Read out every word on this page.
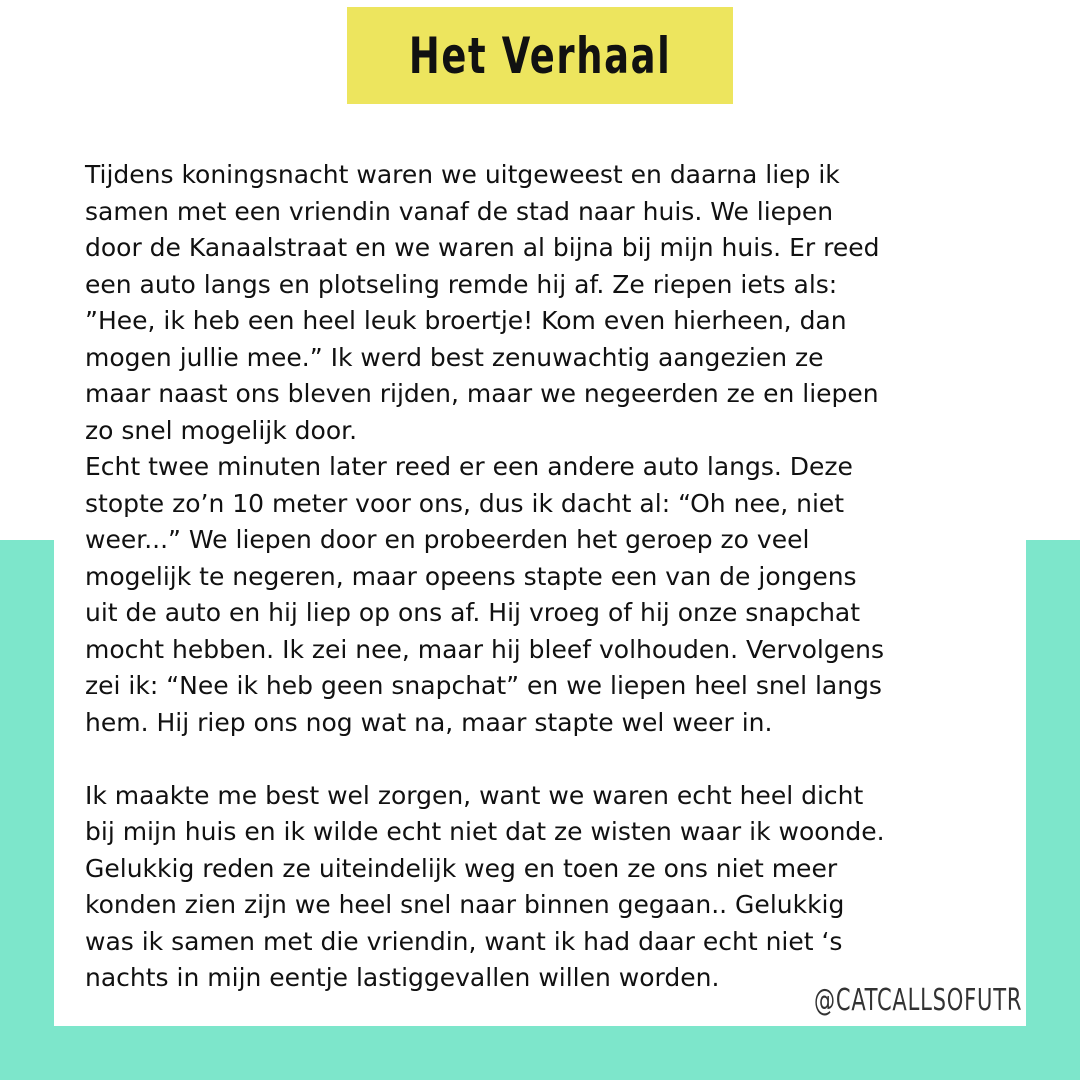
Het Verhaal
Tijdens koningsnacht waren we uitgeweest en daarna liep ik
samen met een vriendin vanaf de stad naar huis. We liepen
door de Kanaalstraat en we waren al bijna bij mijn huis. Er reed
een auto langs en plotseling remde hij af. Ze riepen iets als:
”Hee, ik heb een heel leuk broertje! Kom even hierheen, dan
mogen jullie mee.” Ik werd best zenuwachtig aangezien ze
maar naast ons bleven rijden, maar we negeerden ze en liepen
zo snel mogelijk door.
Echt twee minuten later reed er een andere auto langs. Deze
stopte zo’n 10 meter voor ons, dus ik dacht al: “Oh nee, niet
weer...” We liepen door en probeerden het geroep zo veel
mogelijk te negeren, maar opeens stapte een van de jongens
uit de auto en hij liep op ons af. Hij vroeg of hij onze snapchat
mocht hebben. Ik zei nee, maar hij bleef volhouden. Vervolgens
zei ik: “Nee ik heb geen snapchat” en we liepen heel snel langs
hem. Hij riep ons nog wat na, maar stapte wel weer in.
Ik maakte me best wel zorgen, want we waren echt heel dicht
bij mijn huis en ik wilde echt niet dat ze wisten waar ik woonde.
Gelukkig reden ze uiteindelijk weg en toen ze ons niet meer
konden zien zijn we heel snel naar binnen gegaan.. Gelukkig
was ik samen met die vriendin, want ik had daar echt niet ‘s
nachts in mijn eentje lastiggevallen willen worden.
@CATCALLSOFUTR
